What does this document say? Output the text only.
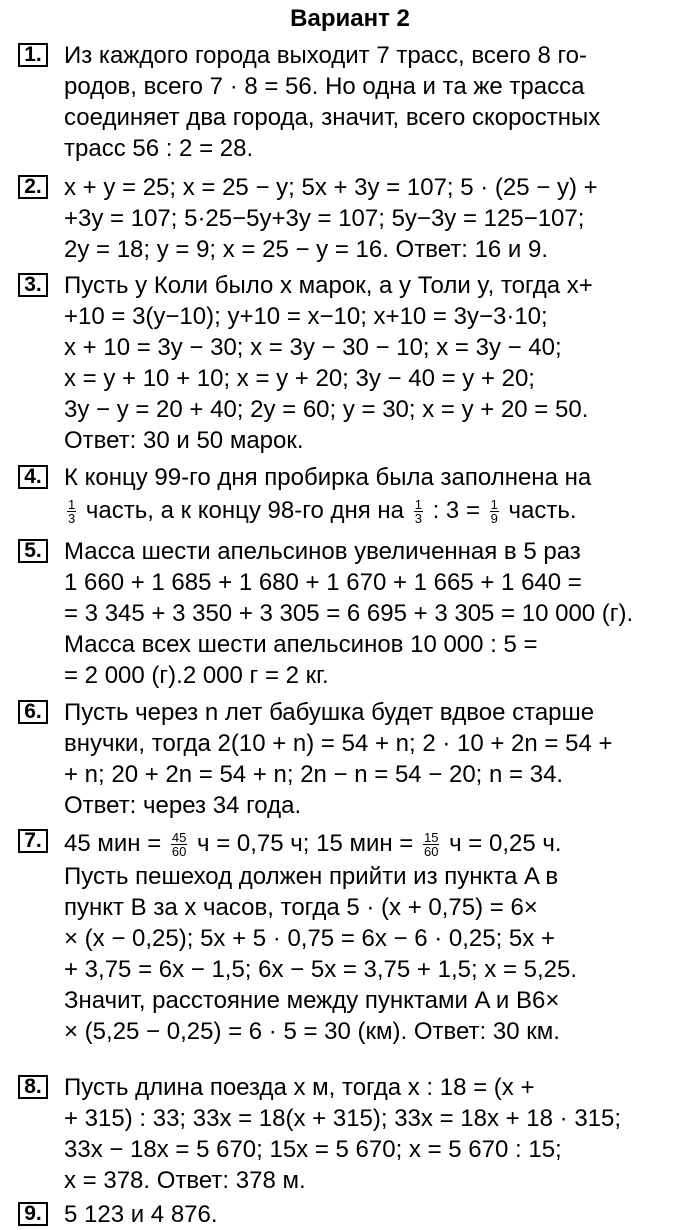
Вариант 2
1. Из каждого города выходит 7 трасс, всего 8 го-
родов, всего 7 · 8 = 56. Но одна и та же трасса
соединяет два города, значит, всего скоростных
трасс 56 : 2 = 28.
2. x + y = 25; x = 25 − y; 5x + 3y = 107; 5 · (25 − y) +
+3y = 107; 5·25−5y+3y = 107; 5y−3y = 125−107;
2y = 18; y = 9; x = 25 − y = 16. Ответ: 16 и 9.
3. Пусть у Коли было x марок, а у Толи y, тогда x+
+10 = 3(y−10); y+10 = x−10; x+10 = 3y−3·10;
x + 10 = 3y − 30; x = 3y − 30 − 10; x = 3y − 40;
x = y + 10 + 10; x = y + 20; 3y − 40 = y + 20;
3y − y = 20 + 40; 2y = 60; y = 30; x = y + 20 = 50.
Ответ: 30 и 50 марок.
4. К концу 99-го дня пробирка была заполнена на
$\frac{1}{3}$ часть, а к концу 98-го дня на $\frac{1}{3}$ : $3 = \frac{1}{9}$ часть.
5. Масса шести апельсинов увеличенная в 5 раз
1 660 + 1 685 + 1 680 + 1 670 + 1 665 + 1 640 =
= 3 345 + 3 350 + 3 305 = 6 695 + 3 305 = 10 000 (г).
Масса всех шести апельсинов 10 000 : 5 =
= 2 000 (г).2 000 г = 2 кг.
6. Пусть через n лет бабушка будет вдвое старше
внучки, тогда 2(10 + n) = 54 + n; 2 · 10 + 2n = 54 +
+ n; 20 + 2n = 54 + n; 2n − n = 54 − 20; n = 34.
Ответ: через 34 года.
7. 45 мин = $\frac{45}{60}$ ч = 0,75 ч; 15 мин = $\frac{15}{60}$ ч = 0,25 ч.
Пусть пешеход должен прийти из пункта A в
пункт B за x часов, тогда 5 · (x + 0,75) = 6×
× (x − 0,25); 5x + 5 · 0,75 = 6x − 6 · 0,25; 5x +
+ 3,75 = 6x − 1,5; 6x − 5x = 3,75 + 1,5; x = 5,25.
Значит, расстояние между пунктами A и B6×
× (5,25 − 0,25) = 6 · 5 = 30 (км). Ответ: 30 км.
8. Пусть длина поезда x м, тогда x : 18 = (x +
+ 315) : 33; 33x = 18(x + 315); 33x = 18x + 18 · 315;
33x − 18x = 5 670; 15x = 5 670; x = 5 670 : 15;
x = 378. Ответ: 378 м.
9. 5 123 и 4 876.
